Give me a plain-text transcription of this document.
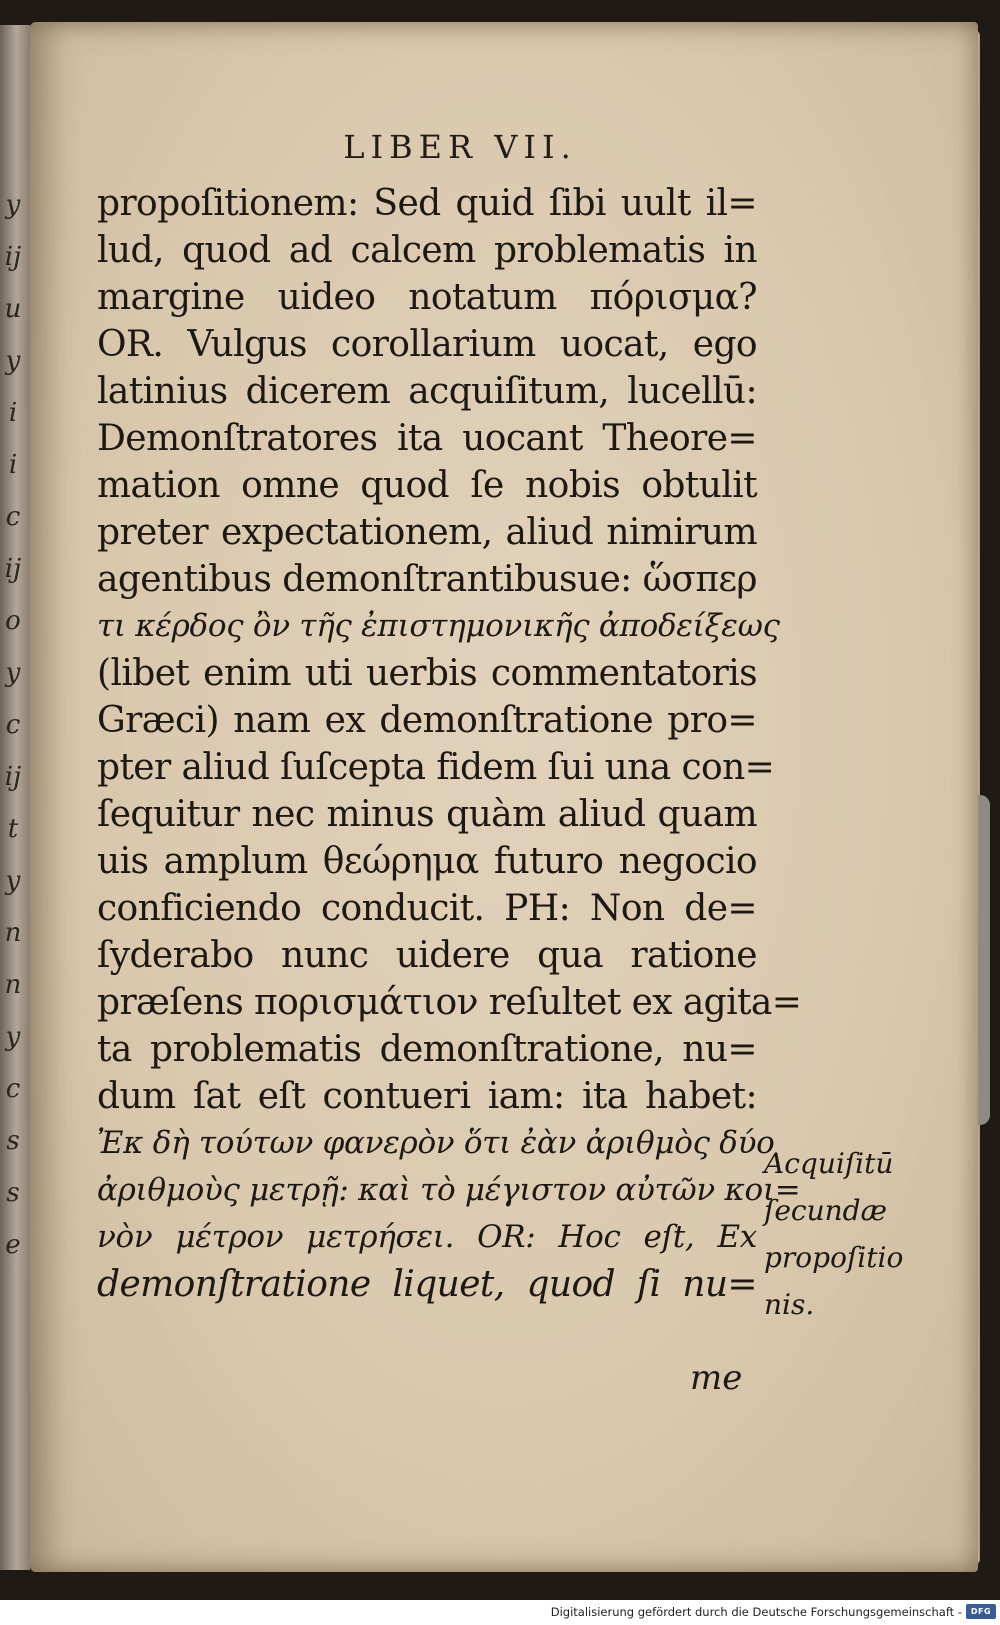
y
ij
u
y
i
i
c
ij
o
y
c
ij
t
y
n
n
y
c
s
s
e
LIBER VII.
propoſitionem: Sed quid ſibi uult il=
lud, quod ad calcem problematis in
margine uideo notatum πόρισμα?
OR. Vulgus corollarium uocat, ego
latinius dicerem acquiſitum, lucellū:
Demonſtratores ita uocant Theore=
mation omne quod ſe nobis obtulit
preter expectationem, aliud nimirum
agentibus demonſtrantibusue: ὥσπερ
τι κέρδος ὂν τῆς ἐπιστημονικῆς ἀποδείξεως
(libet enim uti uerbis commentatoris
Græci) nam ex demonſtratione pro=
pter aliud ſuſcepta fidem ſui una con=
ſequitur nec minus quàm aliud quam
uis amplum θεώρημα futuro negocio
conficiendo conducit. PH: Non de=
ſyderabo nunc uidere qua ratione
præſens πορισμάτιον reſultet ex agita=
ta problematis demonſtratione, nu=
dum ſat eſt contueri iam: ita habet:
Ἐκ δὴ τούτων φανερὸν ὅτι ἐὰν ἀριθμὸς δύο
ἀριθμοὺς μετρῇ: καὶ τὸ μέγιστον αὐτῶν κοι=
νὸν μέτρον μετρήσει. OR: Hoc eſt, Ex
demonſtratione liquet, quod ſi nu=
me
Acquiſitū
ſecundæ
propoſitio
nis.
Digitalisierung gefördert durch die Deutsche Forschungsgemeinschaft -	DFG
